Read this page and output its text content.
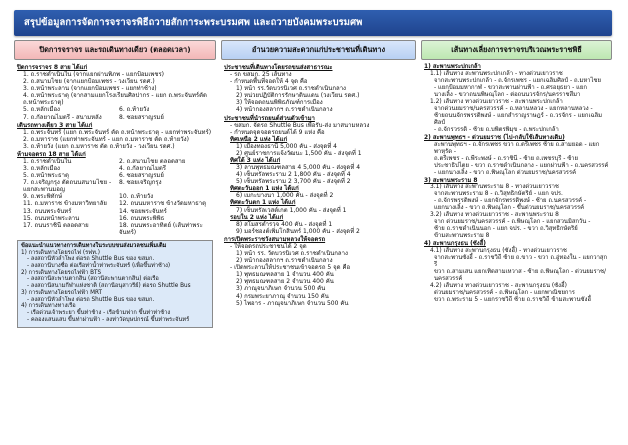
สรุปข้อมูลการจัดการจราจรพิธีถวายสักการะพระบรมศพ และถวายบังคมพระบรมศพ
ปิดการจราจร และรถเดินทางเดียว (ตลอดเวลา)
ปิดการจราจร 8 สาย ได้แก่
1. ถ.ราชดำเนินใน (จากแยกผ่านพิภพ - แยกป้อมเพชร)
2. ถ.สนามไชย (จากแยกป้อมเพชร - วงเวียน รดศ.)
3. ถ.หน้าพระลาน (จากแยกป้อมเพชร - แยกท่าช้าง)
4. ถ.หน้าพระธาตุ (จากสามแยกโรงเรียนศิลปากร - แยก ถ.พระจันทร์ตัด ถ.หน้าพระธาตุ)
5. ถ.หลักเมือง	6. ถ.ท้ายวัง
7. ถ.กัลยาณไมตรี - สนามหลัง	8. ซอยสราญรมย์
เดินรถทางเดียว 3 สาย ได้แก่
1. ถ.พระจันทร์ (แยก ถ.พระจันทร์ ตัด ถ.หน้าพระธาตุ - แยกท่าพระจันทร์)
2. ถ.มหาราช (แยกท่าพระจันทร์ - แยก ถ.มหาราช ตัด ถ.ท้ายวัง)
3. ถ.ท้ายวัง (แยก ถ.มหาราช ตัด ถ.ท้ายวัง - วงเวียน รดศ.)
ห้ามจอดรถ 18 สาย ได้แก่
1. ถ.ราชดำเนินใน	2. ถ.สนามไชย ตลอดสาย
3. ถ.หลักเมือง	4. ถ.กัลยาณไมตรี
5. ถ.หน้าพระธาตุ	6. ซอยสราญรมย์
7. ถ.เจริญกรุง ตัดถนนสนามไชย - แยกสะพานมอญ
8. ซอยเจริญกรุง
9. ถ.พระพิทักษ์	10. ถ.ท้ายวัง
11. ถ.มหาราช ข้างมหาวิทยาลัย	12. ถนนมหาราช ข้างวัดมหาธาตุ
13. ถนนพระจันทร์	14. ซอยพระจันทร์
15. ถนนหน้าพระลาน	16. ถนนพระพิพิธ
17. ถนนราชินี ตลอดสาย	18. ถนนพระอาทิตย์ (เส้นท่าพระจันทร์)
ข้อแนะนำแนวทางการเดินทางในระบบขนส่งมวลชนเพิ่มเติม
1) การเดินทางโดยรถไฟ (รฟท.)
- ลงสถานีหัวลำโพง ต่อรถ Shuttle Bus ของ ขสมก.
- ลงสถานีบางซื่อ ต่อเรือท่าน้ำท่าพระจันทร์ (เพื่อขึ้นท่าช้าง)
2) การเดินทางโดยรถไฟฟ้า BTS
- ลงสถานีสะพานตากสิน (สถานีสะพานตากสิน) ต่อเรือ
- ลงสถานีสนามกีฬาแห่งชาติ (สถานีอนุสาวรีย์) ต่อรถ Shuttle Bus
3) การเดินทางโดยรถไฟฟ้า MRT
- ลงสถานีหัวลำโพง ต่อรถ Shuttle Bus ของ ขสมก.
4) การเดินทางทางเรือ
- เรือด่วนเจ้าพระยา ขึ้นท่าช้าง - เรือข้ามฟาก ขึ้นท่าท่าช้าง
- คลองแสนแสบ ขึ้นท่าผ่านฟ้า - ลงท่าวัดบุษปกรณ์ ขึ้นท่าพระจันทร์
อำนวยความสะดวกแก่ประชาชนที่เดินทาง
ประชาชนที่เดินทางโดยรถขนส่งสาธารณะ
- รถ ขสมก. 25 เส้นทาง
- กำหนดพื้นที่จอดให้ 4 จุด คือ
1) หน้า รร.วัดบวรนิเวศ ถ.ราชดำเนินกลาง
2) หน่วยปฏิบัติการรักษาดินแดน (วงเวียน รดศ.)
3) ให้จอดถนนพิพิธภัณฑ์การเมือง
4) หน้ากองสลากฯ ถ.ราชดำเนินกลาง
ประชาชนที่นำรถยนต์ส่วนตัวเข้ามา
- ขสมก. จัดรถ Shuttle Bus เพื่อรับ-ส่ง มาสนามหลวง
- กำหนดจุดจอดรถยนต์ได้ 9 แห่ง คือ
ทิศเหนือ 2 แห่ง ได้แก่
1) เมืองทองธานี 5,000 คัน - ส่งจุดที่ 4
2) ศูนย์ราชการแจ้งวัฒนะ 1,500 คัน - ส่งจุดที่ 1
ทิศใต้ 3 แห่ง ได้แก่
3) ลานพุทธมณฑลสาย 4 5,000 คัน - ส่งจุดที่ 4
4) เซ็นทรัลพระราม 2 1,800 คัน - ส่งจุดที่ 4
5) เซ็นทรัลพระราม 2 3,700 คัน - ส่งจุดที่ 2
ทิศตะวันออก 1 แห่ง ได้แก่
6) เมกะบางนา 1,000 คัน - ส่งจุดที่ 2
ทิศตะวันตก 1 แห่ง ได้แก่
7) เซ็นทรัลเวสต์เกต 1,000 คัน - ส่งจุดที่ 1
รอบใน 2 แห่ง ได้แก่
8) สโมสรตำรวจ 400 คัน - ส่งจุดที่ 1
9) มอร์ชองต์เพิ่มโกสินทร์ 1,000 คัน - ส่งจุดที่ 2
การเปิดพระราชวังสนามหลวงให้จอดรถ
- ให้จอดรถประชาชนได้ 2 จุด
1) หน้า รร. วัดบวรนิเวศ ถ.ราชดำเนินกลาง
2) หน้ากองสลากฯ ถ.ราชดำเนินกลาง
- เปิดพระลานให้ประชาชนเข้าจอดรถ 5 จุด คือ
1) พุทธมณฑลสาย 1 จำนวน 400 คัน
2) พุทธมณฑลสาย 2 จำนวน 400 คัน
3) ภาณุจนาภิเษก จำนวน 500 คัน
4) กรมพระยาภาณุ จำนวน 150 คัน
5) ไพอาร - ภาณุจนาภิเษก จำนวน 500 คัน
เส้นทางเลี่ยงการจราจรบริเวณพระราชพิธี
1) สะพานพระปกเกล้า
1.1) เส้นทาง สะพานพระปกเกล้า - ทางด่วนเยาวราช
จากสะพานพระปกเกล้า - ถ.จักรเพชร - แยกเฉลิมศิลป์ - ถ.มหาไชย
- แยกป้อมมหากาฬ - ขวาสะพานผ่านฟ้า - ถ.ศรอยุธยา - แยก
นางเลิ้ง - ขวาถนนพิษณุโลก - ต่อถนนวรจักร/นครราชสีมา
1.2) เส้นทาง ทางด่วนเยาวราช - สะพานพระปกเกล้า
จากด่วนยมราช/นครสวรรค์ - ถ.หลานหลวง - แยกหลานหลวง -
ซ้ายถนนจักรพรรดิพงษ์ - แยกสำราญราษฎร์ - ถ.วรจักร - แยกเฉลิมศิลป์
- ถ.จักรวรรดิ - ซ้าย ถ.บพิตรพิมุข - ถ.พระปกเกล้า
2) สะพานพุทธฯ - ด่วนยมราช (ไป-กลับใช้เส้นทางเดิม)
สะพานพุทธฯ - ถ.จักรเพชร ขวา ถ.ตรีเพชร ซ้าย ถ.สามยอด - แยกพาหุรัด -
ถ.ตรีเพชร - ถ.พีระพงษ์ - ถ.ราชินี - ซ้าย ถ.เพชรบุรี - ซ้าย
ประชาธิปไตย - ขวา ถ.ราชดำเนินกลาง - แยกผ่านฟ้า - ถ.นครสวรรค์
- แยกนางเลิ้ง - ขวา ถ.พิษณุโลก ด่วนยมราช/นครสวรรค์
3) สะพานพระราม 8
3.1) เส้นทาง สะพานพระราม 8 - ทางด่วนเยาวราช
จากสะพานพระราม 8 - ถ.วิสุทธิกษัตริย์ - แยก จปร.
- ถ.จักรพรรดิพงษ์ - แยกจักรพรรดิพงษ์ - ซ้าย ถ.นครสวรรค์ -
แยกนางเลิ้ง - ขวา ถ.พิษณุโลก - ขึ้นด่วนยมราช/นครสวรรค์
3.2) เส้นทาง ทางด่วนเยาวราช - สะพานพระราม 8
จาก ด่วนยมราช/นครสวรรค์ - ถ.พิษณุโลก - แยกสวนมิสกวัน -
ซ้าย ถ.ราชดำเนินนอก - แยก จปร. - ขวา ถ.วิสุทธิกษัตริย์
ข้ามสะพานพระราม 8
4) สะพานกรุงธน (ซังฮี้)
4.1) เส้นทาง สะพานกรุงธน (ซังฮี้) - ทางด่วนเยาวราช
จากสะพานซังฮี้ - ถ.ราชวิถี ซ้าย ถ.ขาว - ขวา ถ.อู่ทองใน - แยกวาสุกรี
ขวา ถ.สามเสน แยกเทิดสามเหวาส - ซ้าย ถ.พิษณุโลก - ด่วนยมราช/
นครสวรรค์
4.2) เส้นทาง ทางด่วนเยาวราช - สะพานกรุงธน (ซังฮี้)
ด่วนยมราช/นครสวรรค์ - ถ.พิษณุโลก - แยกพาณิชยการ
ขวา ถ.พระราม 5 - แยกราชวิถี ซ้าย ถ.ราชวิถี ข้ามสะพานซังฮี้
